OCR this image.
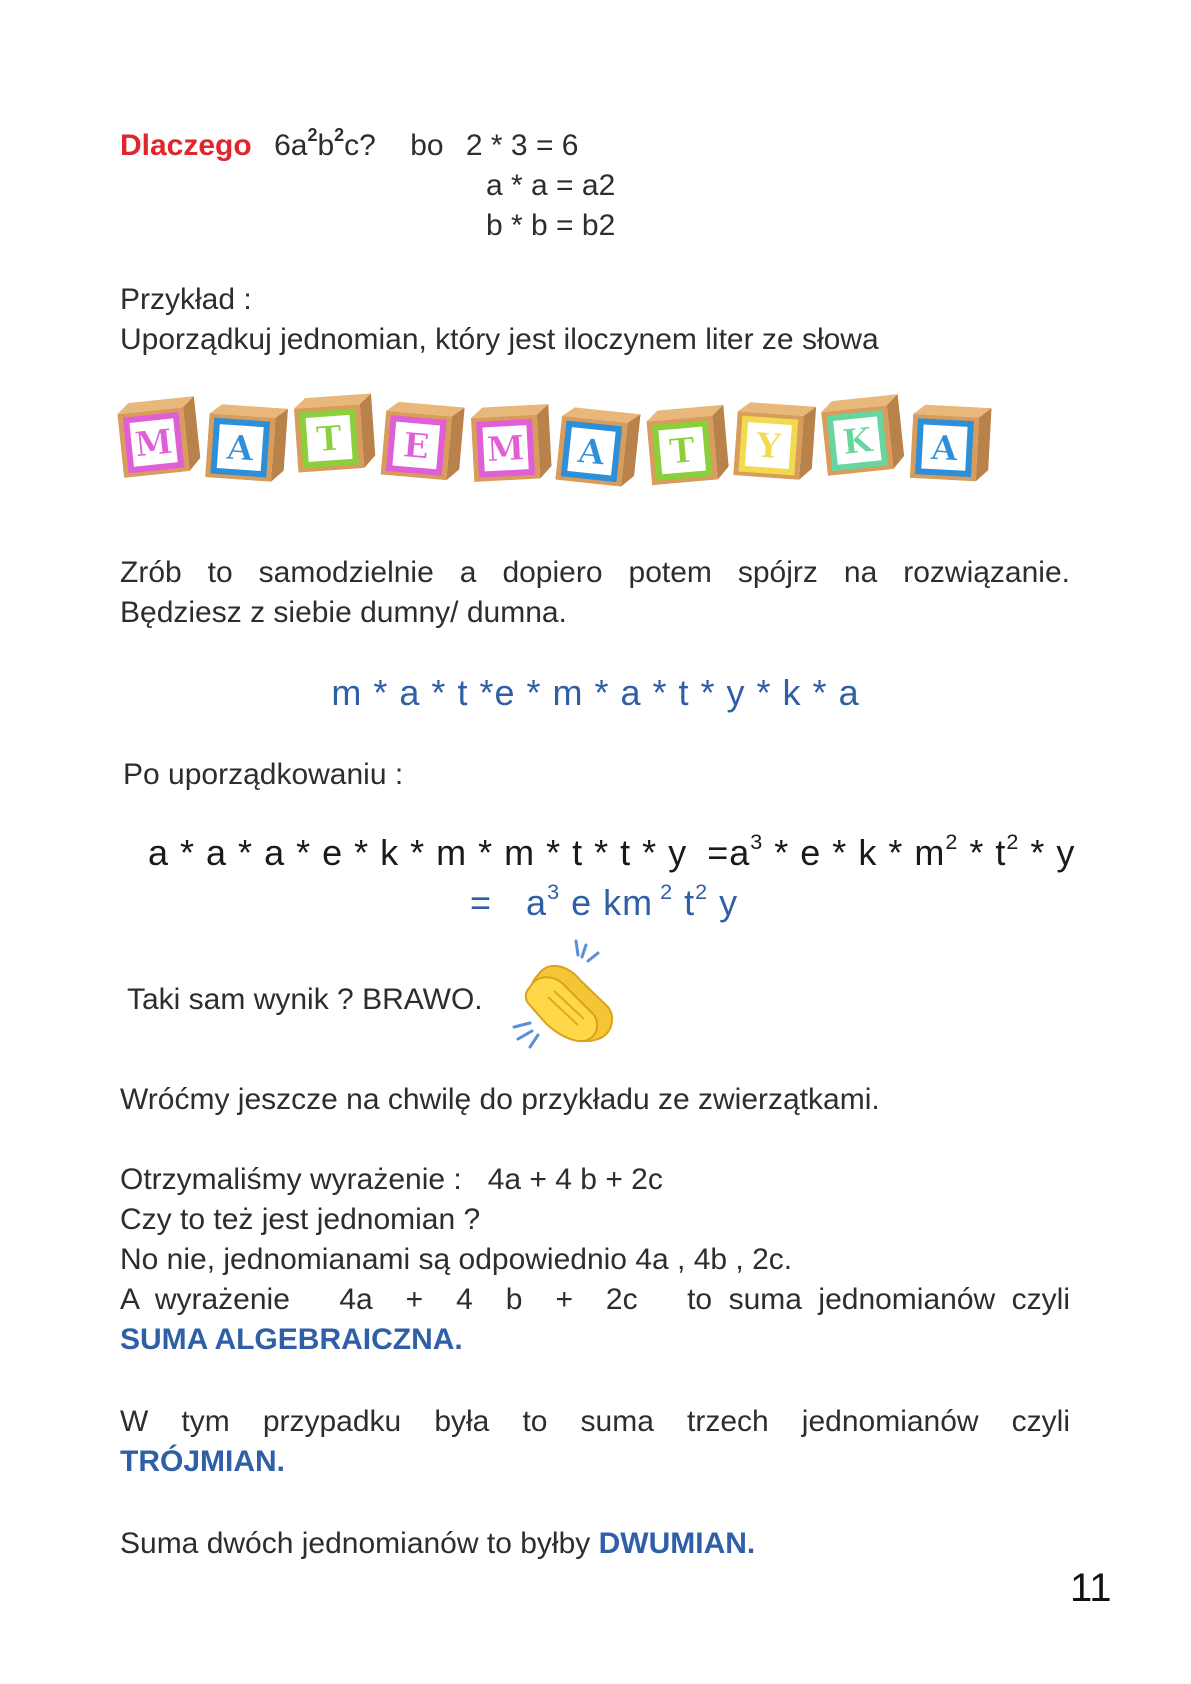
Dlaczego $6a^2b^2c$? bo 2 * 3 = 6
a * a = a2
b * b = b2
Przykład :
Uporządkuj jednomian, który jest iloczynem liter ze słowa
M A T E M A T Y K A
Zrób to samodzielnie a dopiero potem spójrz na rozwiązanie.
Będziesz z siebie dumny/ dumna.
m * a * t *e * m * a * t * y * k * a
Po uporządkowaniu :
$a * a * a * e * k * m * m * t * t * y =a^3 * e * k * m^2 * t^2 * y$
= $a^3$ e km $^2$ $t^2$ y
Taki sam wynik ? BRAWO.
Wróćmy jeszcze na chwilę do przykładu ze zwierzątkami.
Otrzymaliśmy wyrażenie : 4a + 4 b + 2c
Czy to też jest jednomian ?
No nie, jednomianami są odpowiednio 4a , 4b , 2c.
A wyrażenie   4a  +  4  b  +  2c   to suma jednomianów czyli
SUMA ALGEBRAICZNA.
W tym przypadku była to suma trzech jednomianów czyli
TRÓJMIAN.
Suma dwóch jednomianów to byłby DWUMIAN.
11
